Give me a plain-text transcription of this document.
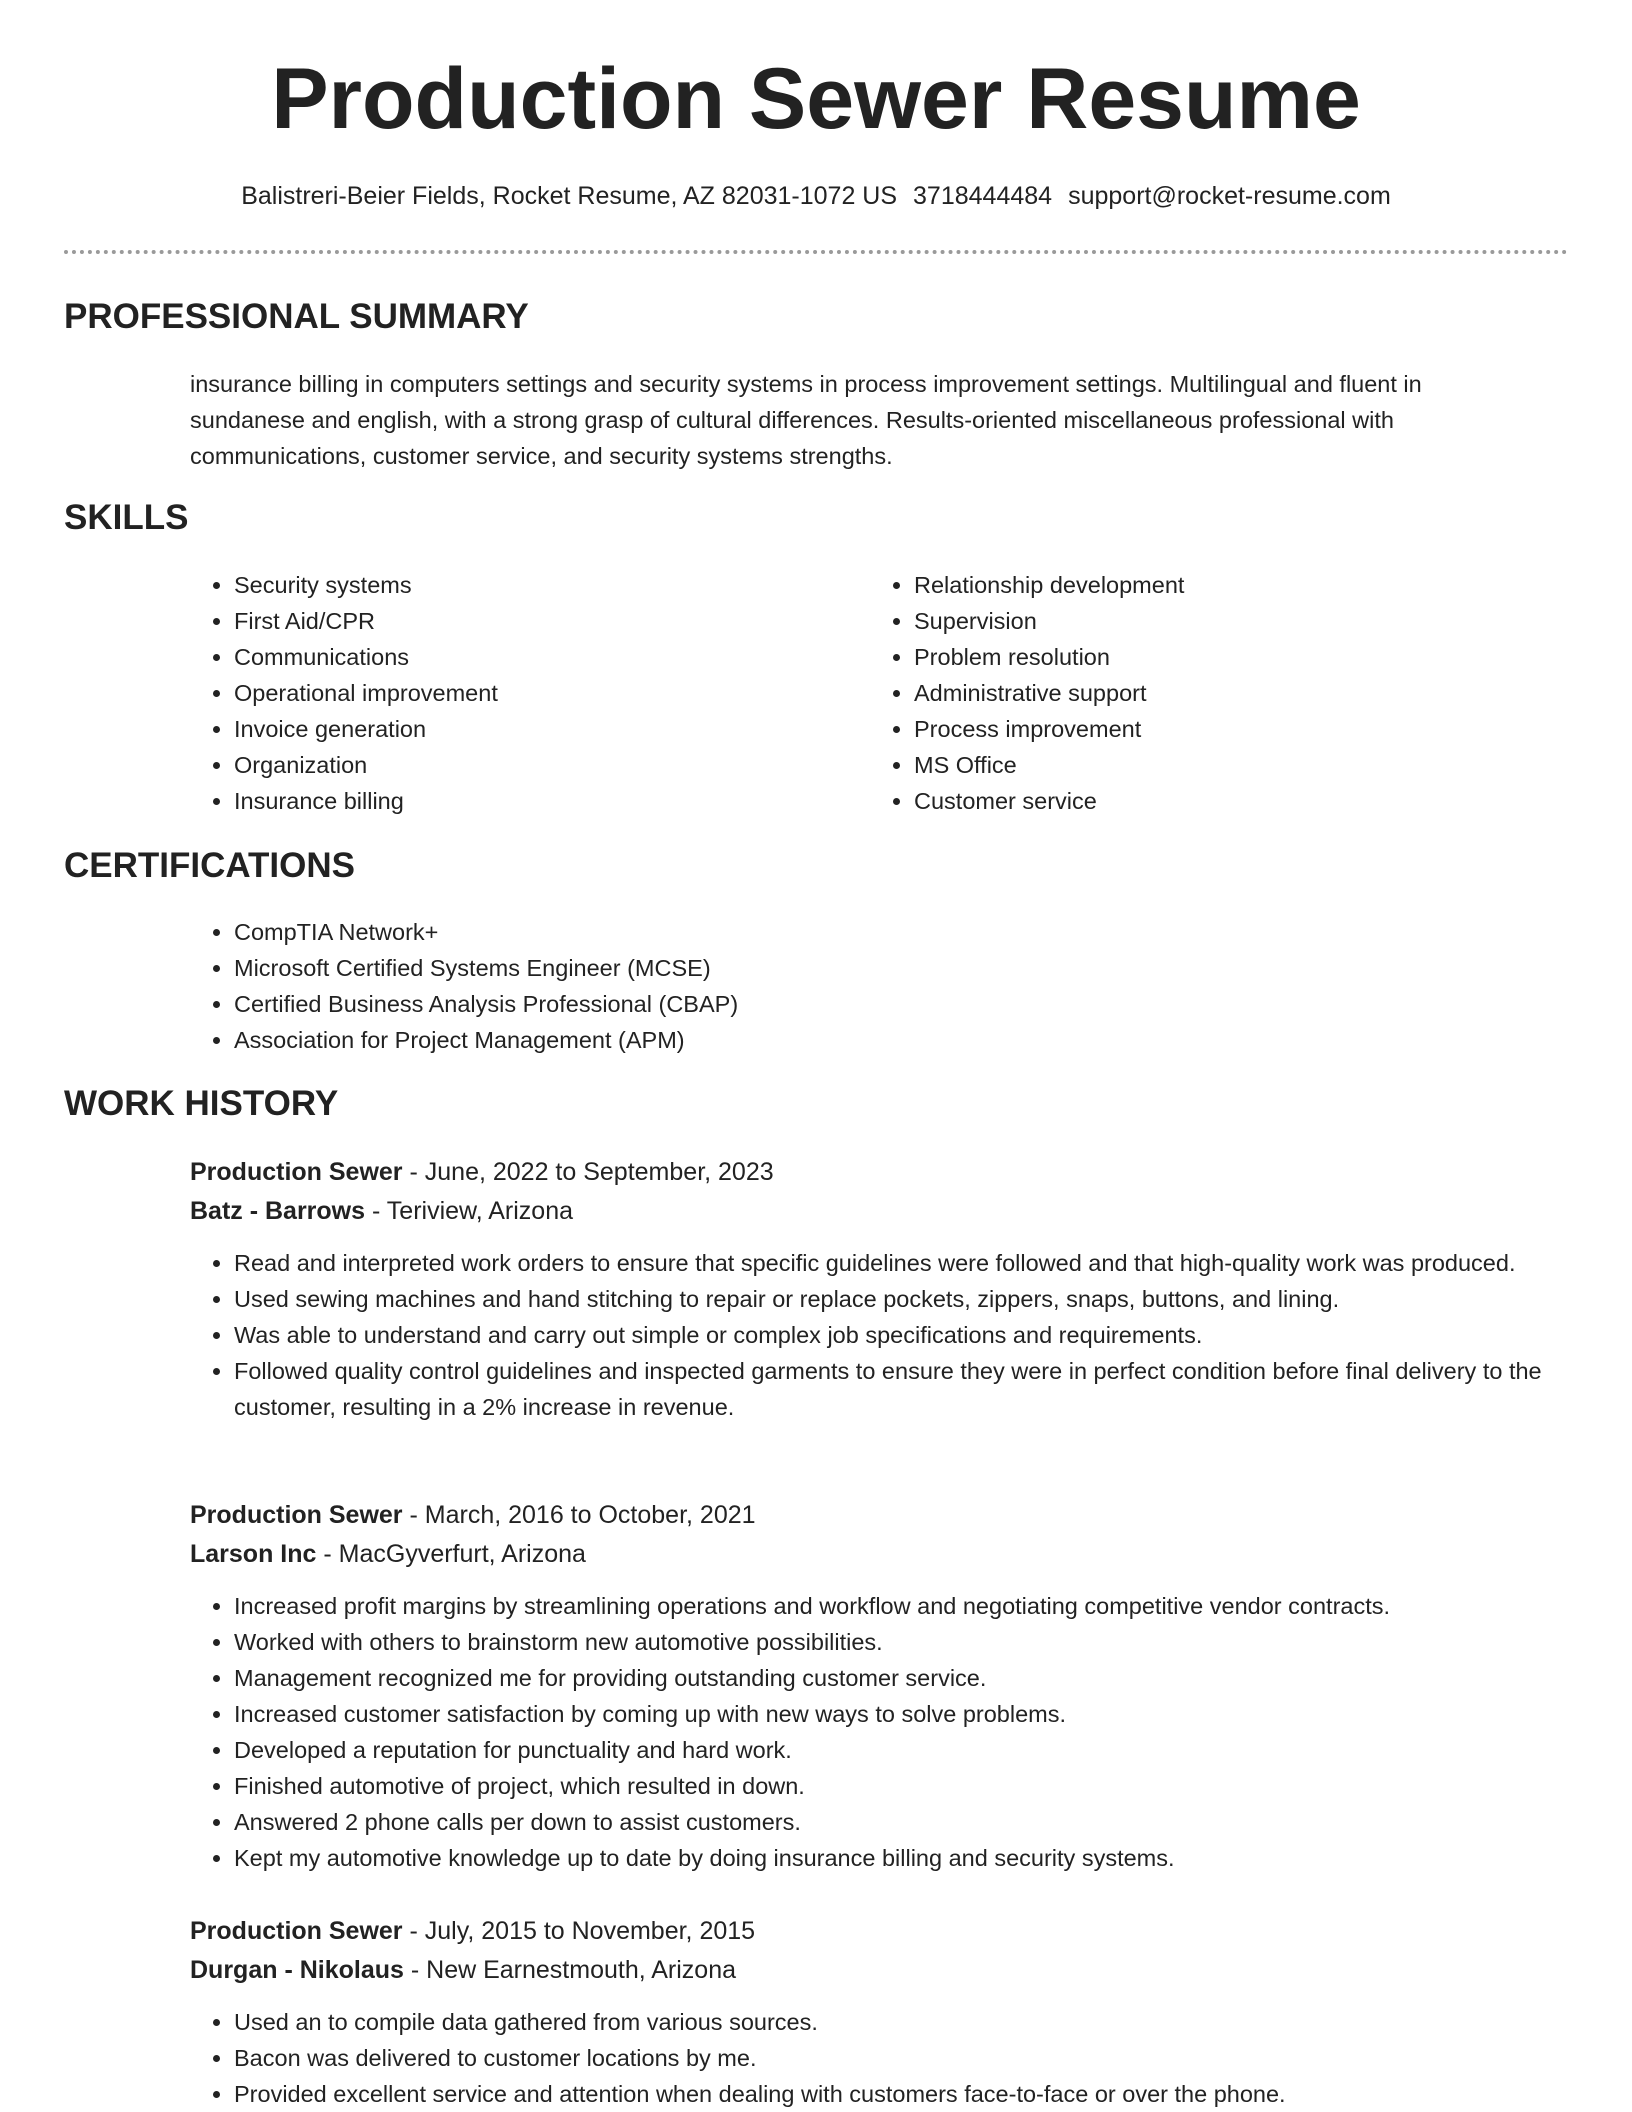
Production Sewer Resume
Balistreri-Beier Fields, Rocket Resume, AZ 82031-1072 US 3718444484 support@rocket-resume.com
PROFESSIONAL SUMMARY

insurance billing in computers settings and security systems in process improvement settings. Multilingual and fluent in sundanese and english, with a strong grasp of cultural differences. Results-oriented miscellaneous professional with communications, customer service, and security systems strengths.

SKILLS
• Security systems
• First Aid/CPR
• Communications
• Operational improvement
• Invoice generation
• Organization
• Insurance billing
• Relationship development
• Supervision
• Problem resolution
• Administrative support
• Process improvement
• MS Office
• Customer service
CERTIFICATIONS
• CompTIA Network+
• Microsoft Certified Systems Engineer (MCSE)
• Certified Business Analysis Professional (CBAP)
• Association for Project Management (APM)
WORK HISTORY
Production Sewer - June, 2022 to September, 2023
Batz - Barrows - Teriview, Arizona
• Read and interpreted work orders to ensure that specific guidelines were followed and that high-quality work was produced.
• Used sewing machines and hand stitching to repair or replace pockets, zippers, snaps, buttons, and lining.
• Was able to understand and carry out simple or complex job specifications and requirements.
• Followed quality control guidelines and inspected garments to ensure they were in perfect condition before final delivery to the customer, resulting in a 2% increase in revenue.
Production Sewer - March, 2016 to October, 2021
Larson Inc - MacGyverfurt, Arizona
• Increased profit margins by streamlining operations and workflow and negotiating competitive vendor contracts.
• Worked with others to brainstorm new automotive possibilities.
• Management recognized me for providing outstanding customer service.
• Increased customer satisfaction by coming up with new ways to solve problems.
• Developed a reputation for punctuality and hard work.
• Finished automotive of project, which resulted in down.
• Answered 2 phone calls per down to assist customers.
• Kept my automotive knowledge up to date by doing insurance billing and security systems.
Production Sewer - July, 2015 to November, 2015
Durgan - Nikolaus - New Earnestmouth, Arizona
• Used an to compile data gathered from various sources.
• Bacon was delivered to customer locations by me.
• Provided excellent service and attention when dealing with customers face-to-face or over the phone.
